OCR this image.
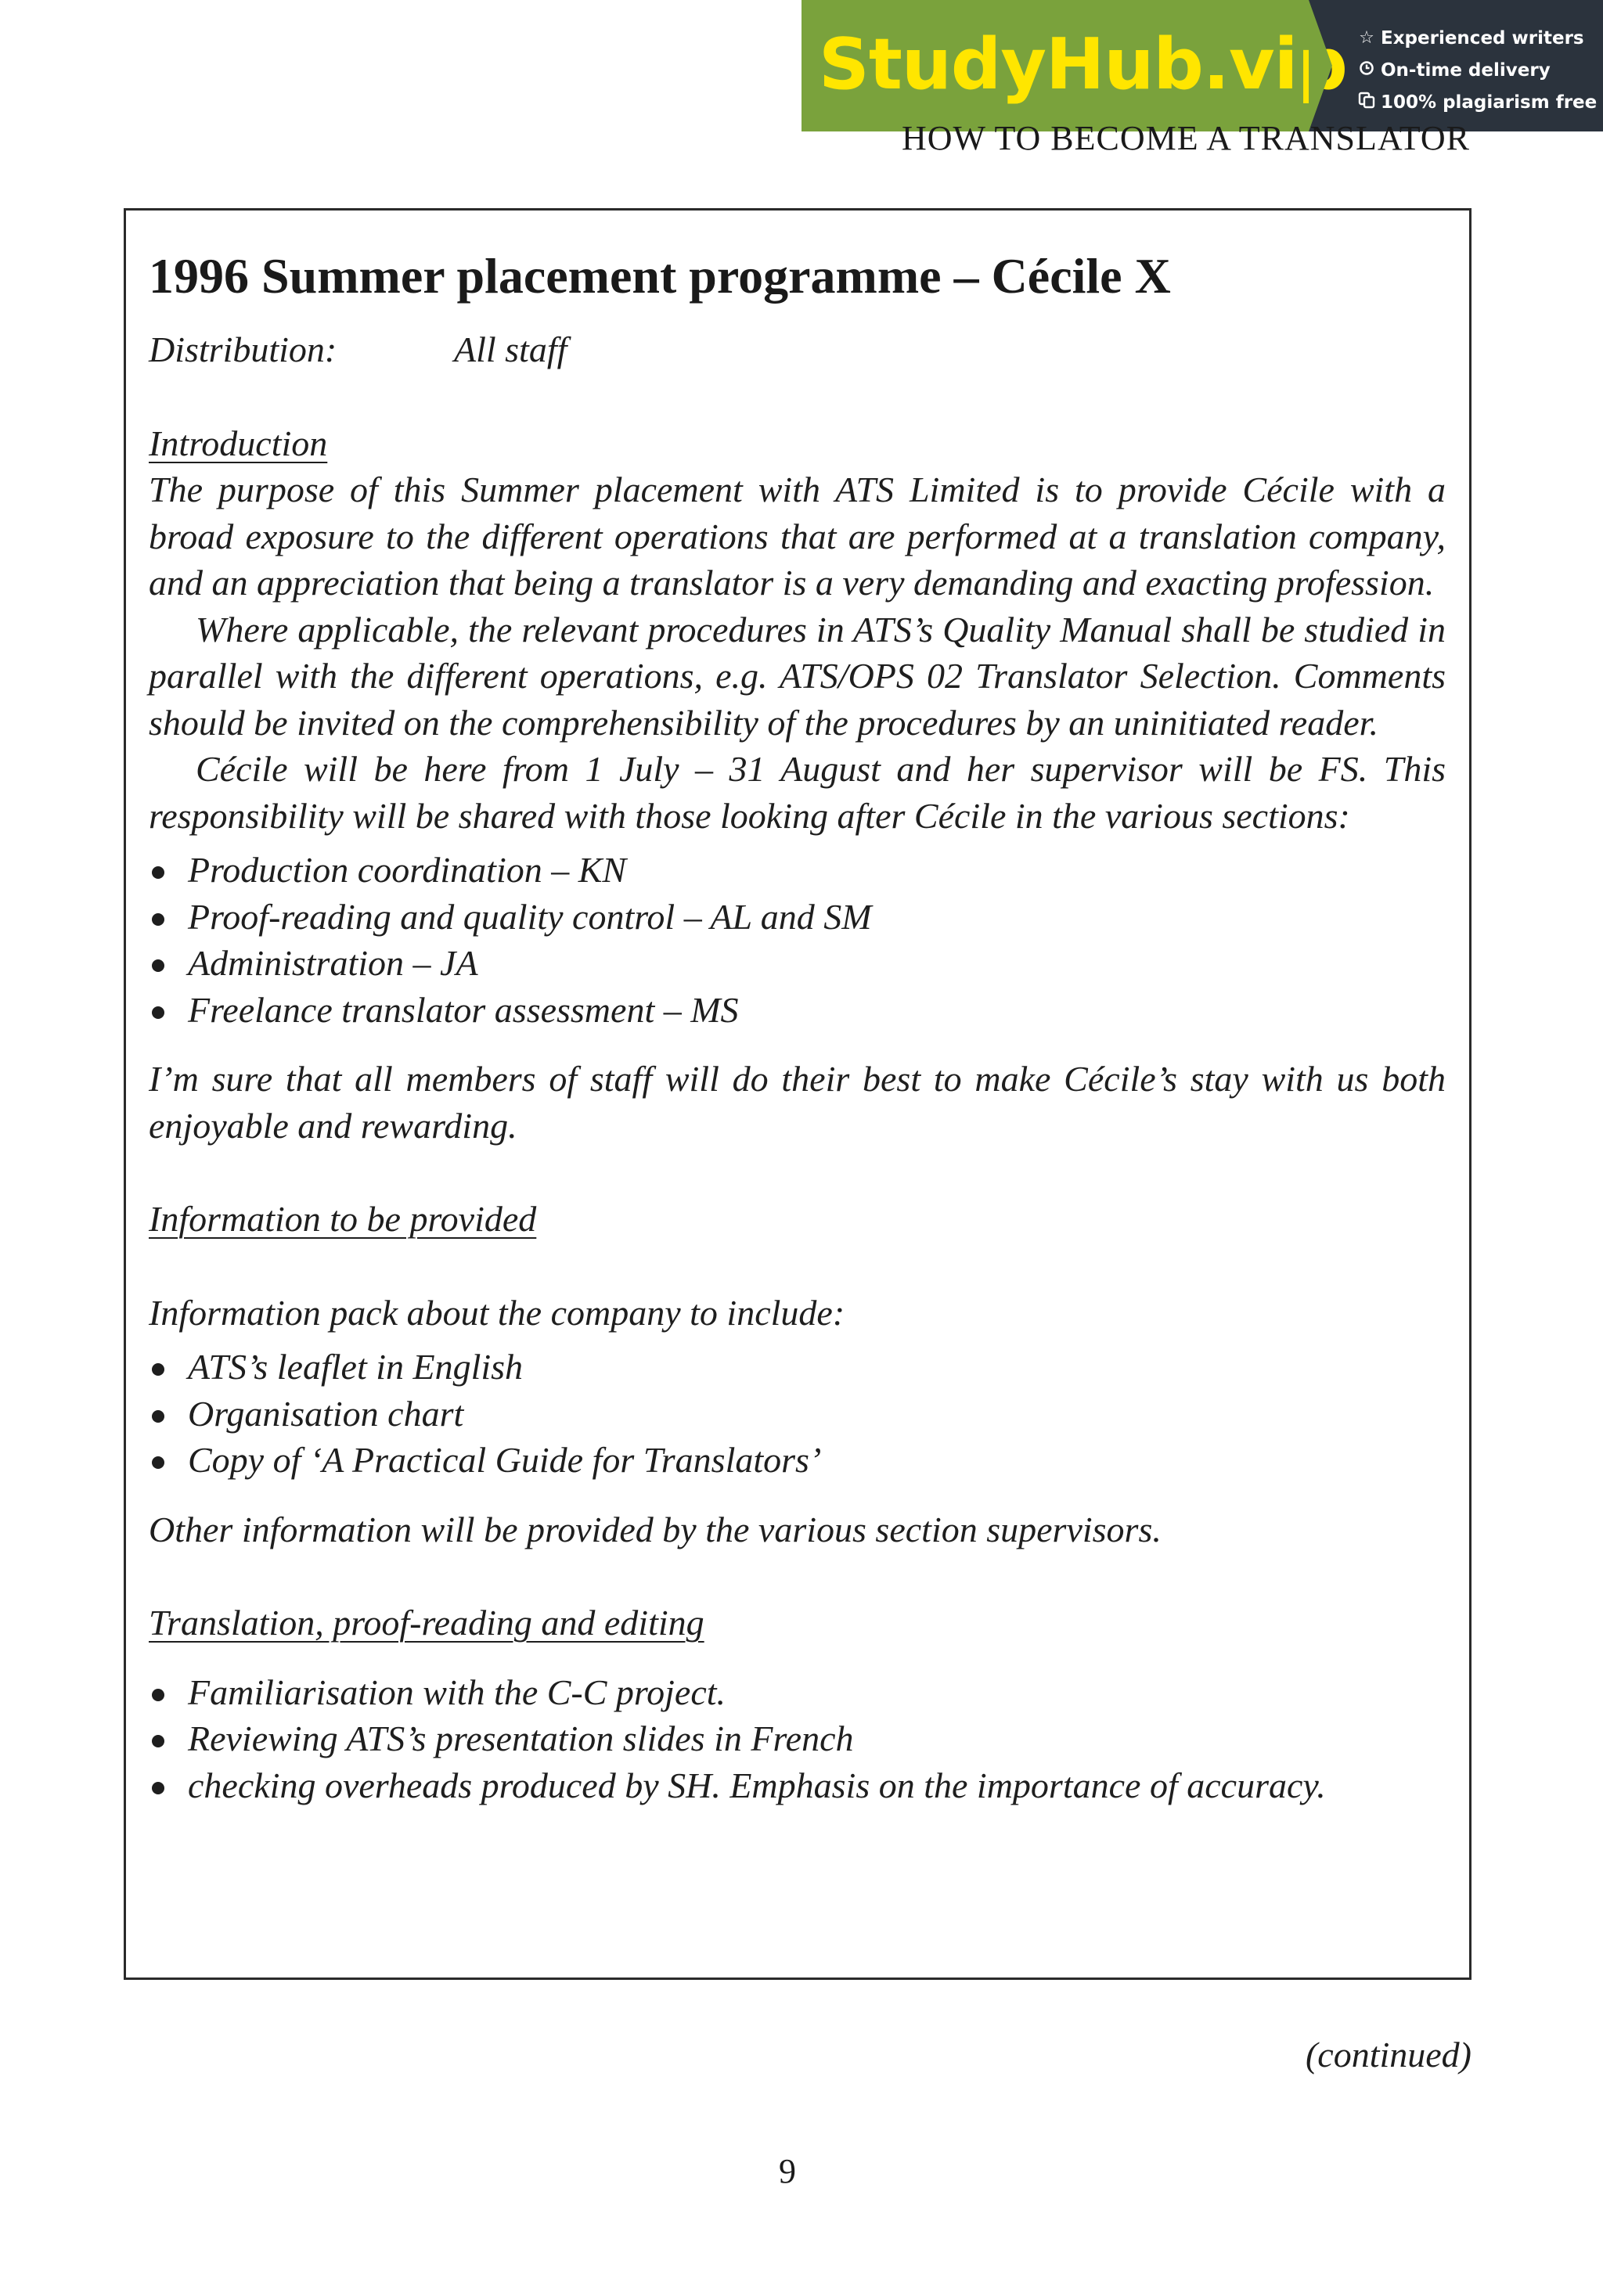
StudyHub.vip ☆ Experienced writers
On-time delivery
100% plagiarism free
HOW TO BECOME A TRANSLATOR
1996 Summer placement programme – Cécile X

Distribution:	All staff

Introduction

The purpose of this Summer placement with ATS Limited is to provide Cécile with a broad exposure to the different operations that are performed at a translation company, and an appreciation that being a translator is a very demanding and exacting profession.

Where applicable, the relevant procedures in ATS’s Quality Manual shall be studied in parallel with the different operations, e.g. ATS/OPS 02 Translator Selection. Comments should be invited on the comprehensibility of the procedures by an uninitiated reader.

Cécile will be here from 1 July – 31 August and her supervisor will be FS. This responsibility will be shared with those looking after Cécile in the various sections:

Production coordination – KN
Proof-reading and quality control – AL and SM
Administration – JA
Freelance translator assessment – MS

I’m sure that all members of staff will do their best to make Cécile’s stay with us both enjoyable and rewarding.

Information to be provided

Information pack about the company to include:

ATS’s leaflet in English
Organisation chart
Copy of ‘A Practical Guide for Translators’

Other information will be provided by the various section supervisors.

Translation, proof-reading and editing

Familiarisation with the C-C project.
Reviewing ATS’s presentation slides in French
checking overheads produced by SH. Emphasis on the importance of accuracy.
(continued)
9
